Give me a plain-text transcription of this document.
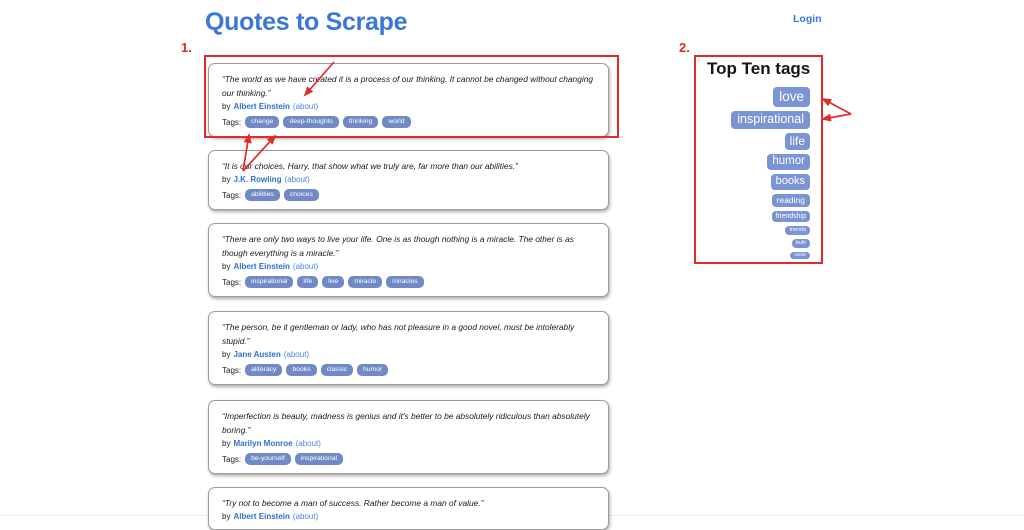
Quotes to Scrape	Login
“The world as we have created it is a process of our thinking. It cannot be changed without changing our thinking.”
by Albert Einstein (about)
Tags:	change	deep-thoughts	thinking	world
“It is our choices, Harry, that show what we truly are, far more than our abilities.”
by J.K. Rowling (about)
Tags:	abilities	choices
“There are only two ways to live your life. One is as though nothing is a miracle. The other is as though everything is a miracle.”
by Albert Einstein (about)
Tags:	inspirational	life	live	miracle	miracles
“The person, be it gentleman or lady, who has not pleasure in a good novel, must be intolerably stupid.”
by Jane Austen (about)
Tags:	aliteracy	books	classic	humor
“Imperfection is beauty, madness is genius and it's better to be absolutely ridiculous than absolutely boring.”
by Marilyn Monroe (about)
Tags:	be-yourself	inspirational
“Try not to become a man of success. Rather become a man of value.”
by Albert Einstein (about)
Top Ten tags
love
inspirational
life
humor
books
reading
friendship
friends
truth
simile
1.	2.
